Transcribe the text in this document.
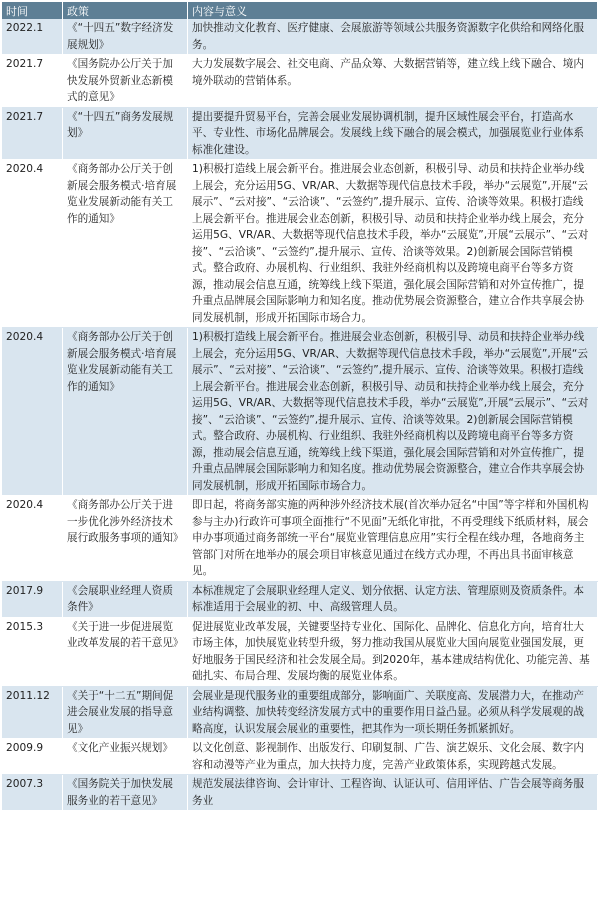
时间	政策	内容与意义
2022.1	《“十四五”数字经济发展规划》	加快推动文化教育、医疗健康、会展旅游等领域公共服务资源数字化供给和网络化服务。
2021.7	《国务院办公厅关于加快发展外贸新业态新模式的意见》	大力发展数字展会、社交电商、产品众筹、大数据营销等，建立线上线下融合、境内境外联动的营销体系。
2021.7	《“十四五”商务发展规划》	提出要提升贸易平台，完善会展业发展协调机制，提升区域性展会平台，打造高水平、专业性、市场化品牌展会。发展线上线下融合的展会模式，加强展览业行业体系标准化建设。
2020.4	《商务部办公厅关于创新展会服务模式·培育展览业发展新动能有关工作的通知》	1)积极打造线上展会新平台。推进展会业态创新，积极引导、动员和扶持企业举办线上展会，充分运用5G、VR/AR、大数据等现代信息技术手段，举办“云展览”,开展“云展示”、“云对接”、“云洽谈”、“云签约”,提升展示、宣传、洽谈等效果。积极打造线上展会新平台。推进展会业态创新，积极引导、动员和扶持企业举办线上展会，充分运用5G、VR/AR、大数据等现代信息技术手段，举办“云展览”,开展“云展示”、“云对接”、“云洽谈”、“云签约”,提升展示、宣传、洽谈等效果。2)创新展会国际营销模式。整合政府、办展机构、行业组织、我驻外经商机构以及跨境电商平台等多方资源，推动展会信息互通，统筹线上线下渠道，强化展会国际营销和对外宣传推广，提升重点品牌展会国际影响力和知名度。推动优势展会资源整合，建立合作共享展会协同发展机制，形成开拓国际市场合力。
2020.4	《商务部办公厅关于创新展会服务模式·培育展览业发展新动能有关工作的通知》	1)积极打造线上展会新平台。推进展会业态创新，积极引导、动员和扶持企业举办线上展会，充分运用5G、VR/AR、大数据等现代信息技术手段，举办“云展览”,开展“云展示”、“云对接”、“云洽谈”、“云签约”,提升展示、宣传、洽谈等效果。积极打造线上展会新平台。推进展会业态创新，积极引导、动员和扶持企业举办线上展会，充分运用5G、VR/AR、大数据等现代信息技术手段，举办“云展览”,开展“云展示”、“云对接”、“云洽谈”、“云签约”,提升展示、宣传、洽谈等效果。2)创新展会国际营销模式。整合政府、办展机构、行业组织、我驻外经商机构以及跨境电商平台等多方资源，推动展会信息互通，统筹线上线下渠道，强化展会国际营销和对外宣传推广，提升重点品牌展会国际影响力和知名度。推动优势展会资源整合，建立合作共享展会协同发展机制，形成开拓国际市场合力。
2020.4	《商务部办公厅关于进一步优化涉外经济技术展行政服务事项的通知》	即日起，将商务部实施的两种涉外经济技术展(首次举办冠名“中国”等字样和外国机构参与主办)行政许可事项全面推行“不见面”无纸化审批，不再受理线下纸质材料，展会申办事项通过商务部统一平台“展览业管理信息应用”实行全程在线办理，各地商务主管部门对所在地举办的展会项目审核意见通过在线方式办理，不再出具书面审核意见。
2017.9	《会展职业经理人资质条件》	本标准规定了会展职业经理人定义、划分依据、认定方法、管理原则及资质条件。本标准适用于会展业的初、中、高级管理人员。
2015.3	《关于进一步促进展览业改革发展的若干意见》	促进展览业改革发展，关键要坚持专业化、国际化、品牌化、信息化方向，培育壮大市场主体，加快展览业转型升级，努力推动我国从展览业大国向展览业强国发展，更好地服务于国民经济和社会发展全局。到2020年，基本建成结构优化、功能完善、基础扎实、布局合理、发展均衡的展览业体系。
2011.12	《关于“十二五”期间促进会展业发展的指导意见》	会展业是现代服务业的重要组成部分，影响面广、关联度高、发展潜力大，在推动产业结构调整、加快转变经济发展方式中的重要作用日益凸显。必须从科学发展观的战略高度，认识发展会展业的重要性，把其作为一项长期任务抓紧抓好。
2009.9	《文化产业振兴规划》	以文化创意、影视制作、出版发行、印刷复制、广告、演艺娱乐、文化会展、数字内容和动漫等产业为重点，加大扶持力度，完善产业政策体系，实现跨越式发展。
2007.3	《国务院关于加快发展服务业的若干意见》	规范发展法律咨询、会计审计、工程咨询、认证认可、信用评估、广告会展等商务服务业
